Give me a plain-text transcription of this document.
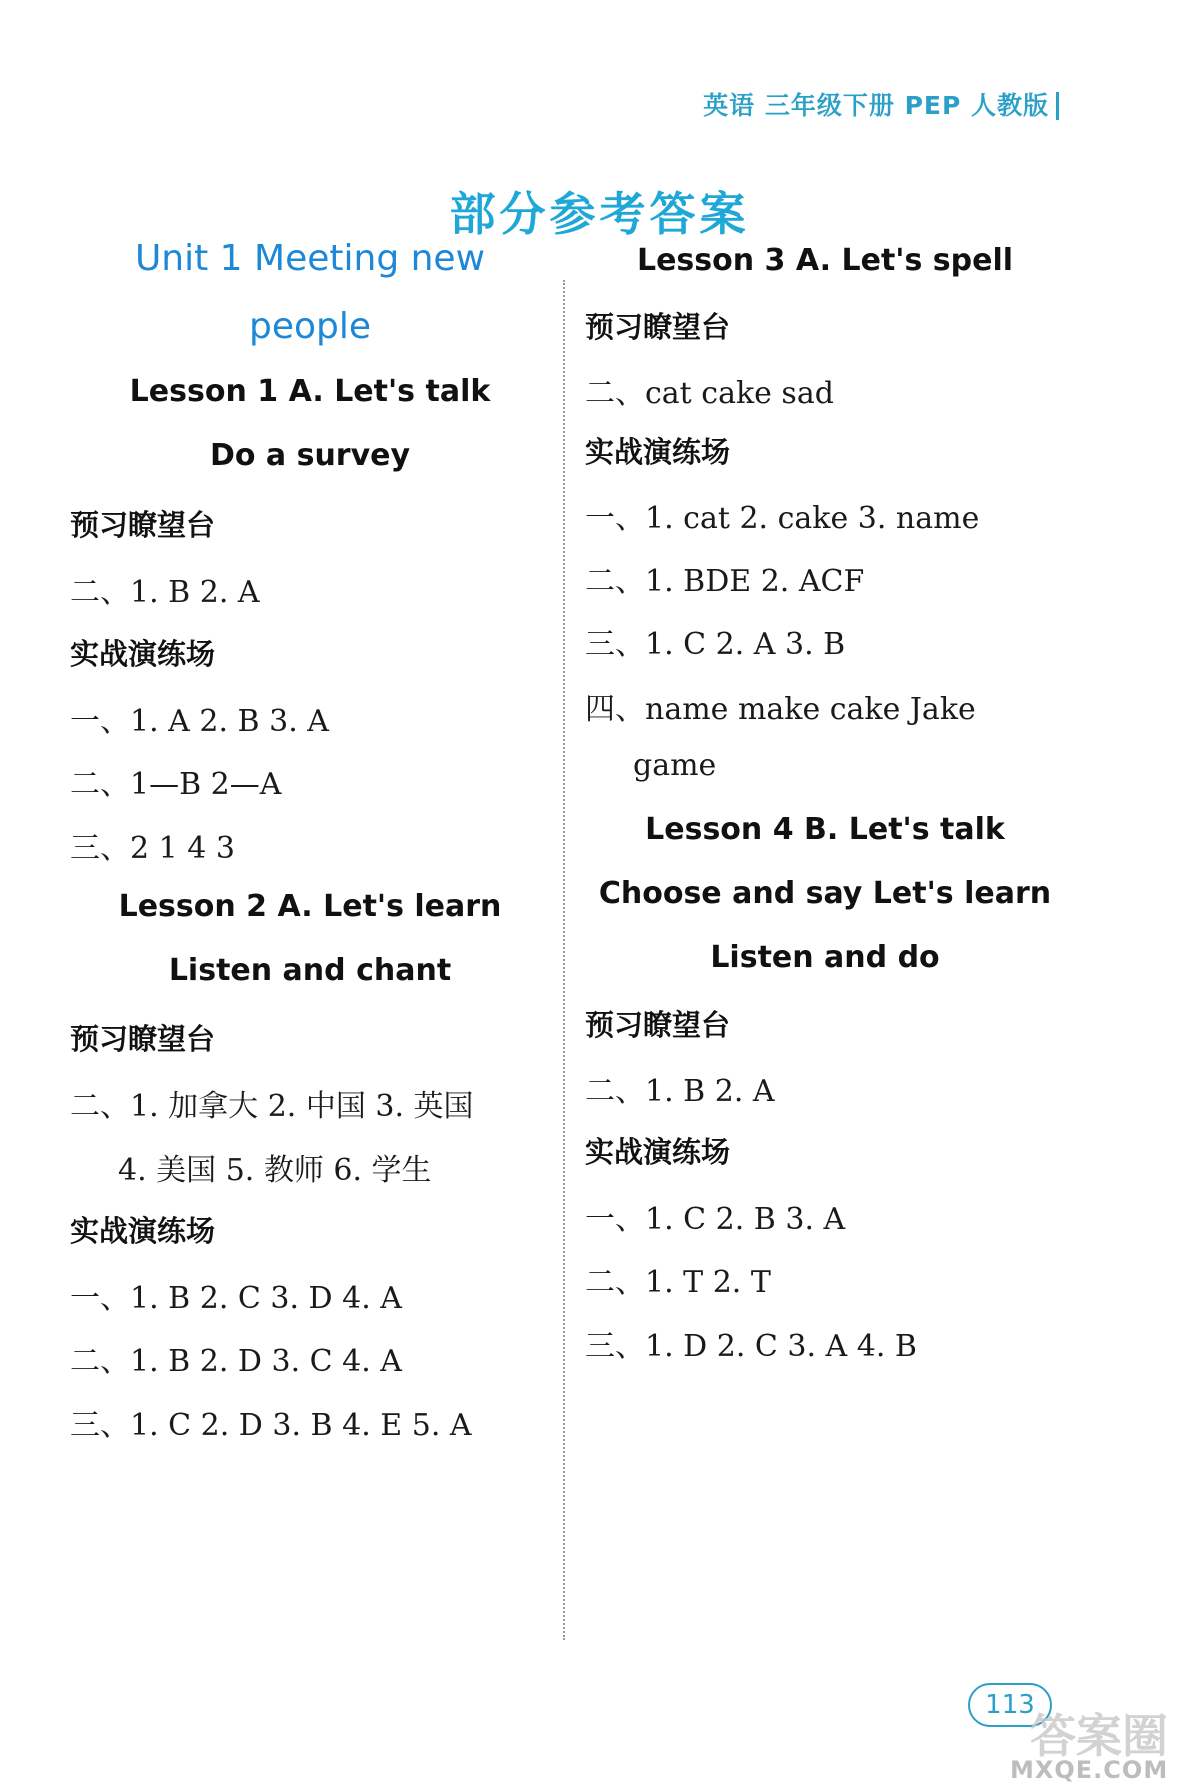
英语 三年级下册 PEP 人教版
部分参考答案
Unit 1 Meeting new
people
Lesson 1 A. Let's talk
Do a survey
预习瞭望台
二、1. B 2. A
实战演练场
一、1. A 2. B 3. A
二、1—B 2—A
三、2 1 4 3
Lesson 2 A. Let's learn
Listen and chant
预习瞭望台
二、1. 加拿大 2. 中国 3. 英国
4. 美国 5. 教师 6. 学生
实战演练场
一、1. B 2. C 3. D 4. A
二、1. B 2. D 3. C 4. A
三、1. C 2. D 3. B 4. E 5. A
Lesson 3 A. Let's spell
预习瞭望台
二、cat cake sad
实战演练场
一、1. cat 2. cake 3. name
二、1. BDE 2. ACF
三、1. C 2. A 3. B
四、name make cake Jake
game
Lesson 4 B. Let's talk
Choose and say Let's learn
Listen and do
预习瞭望台
二、1. B 2. A
实战演练场
一、1. C 2. B 3. A
二、1. T 2. T
三、1. D 2. C 3. A 4. B
113
答案圈
MXQE.COM
